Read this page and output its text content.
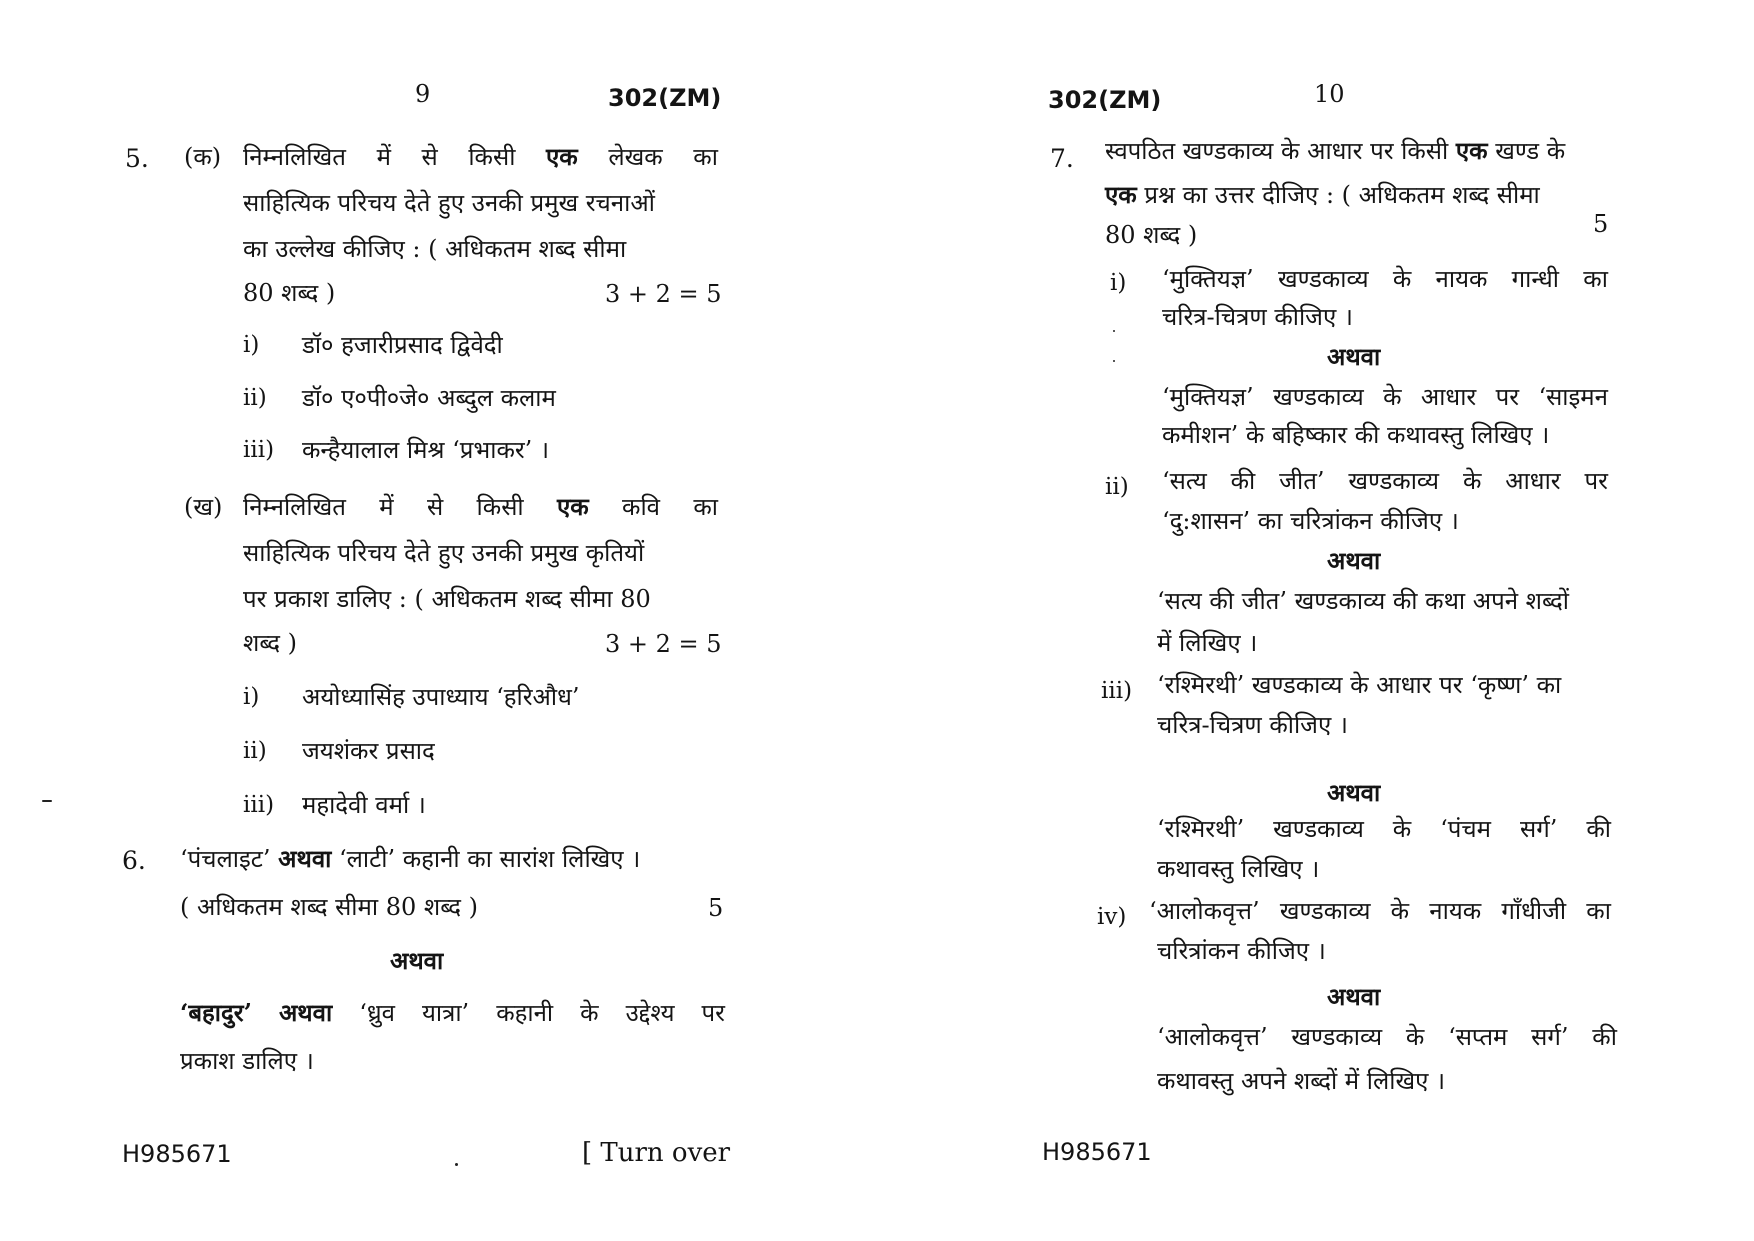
9	302(ZM)
5. (क) निम्नलिखित में से किसी एक लेखक का
साहित्यिक परिचय देते हुए उनकी प्रमुख रचनाओं
का उल्लेख कीजिए : ( अधिकतम शब्द सीमा
80 शब्द )	3 + 2 = 5
i) डॉ० हजारीप्रसाद द्विवेदी
ii) डॉ० ए०पी०जे० अब्दुल कलाम
iii) कन्हैयालाल मिश्र ‘प्रभाकर’ ।
(ख) निम्नलिखित में से किसी एक कवि का
साहित्यिक परिचय देते हुए उनकी प्रमुख कृतियों
पर प्रकाश डालिए : ( अधिकतम शब्द सीमा 80
शब्द )	3 + 2 = 5
i) अयोध्यासिंह उपाध्याय ‘हरिऔध’
ii) जयशंकर प्रसाद
iii) महादेवी वर्मा ।
6. ‘पंचलाइट’ अथवा ‘लाटी’ कहानी का सारांश लिखिए ।
( अधिकतम शब्द सीमा 80 शब्द )	5
अथवा
‘बहादुर’ अथवा ‘ध्रुव यात्रा’ कहानी के उद्देश्य पर
प्रकाश डालिए ।
H985671	[ Turn over
302(ZM)	10
7. स्वपठित खण्डकाव्य के आधार पर किसी एक खण्ड के
एक प्रश्न का उत्तर दीजिए : ( अधिकतम शब्द सीमा
80 शब्द )	5
i) ‘मुक्तियज्ञ’ खण्डकाव्य के नायक गान्धी का
चरित्र-चित्रण कीजिए ।
अथवा
‘मुक्तियज्ञ’ खण्डकाव्य के आधार पर ‘साइमन
कमीशन’ के बहिष्कार की कथावस्तु लिखिए ।
ii) ‘सत्य की जीत’ खण्डकाव्य के आधार पर
‘दु:शासन’ का चरित्रांकन कीजिए ।
अथवा
‘सत्य की जीत’ खण्डकाव्य की कथा अपने शब्दों
में लिखिए ।
iii) ‘रश्मिरथी’ खण्डकाव्य के आधार पर ‘कृष्ण’ का
चरित्र-चित्रण कीजिए ।
अथवा
‘रश्मिरथी’ खण्डकाव्य के ‘पंचम सर्ग’ की
कथावस्तु लिखिए ।
iv) ‘आलोकवृत्त’ खण्डकाव्य के नायक गाँधीजी का
चरित्रांकन कीजिए ।
अथवा
‘आलोकवृत्त’ खण्डकाव्य के ‘सप्तम सर्ग’ की
कथावस्तु अपने शब्दों में लिखिए ।
H985671
